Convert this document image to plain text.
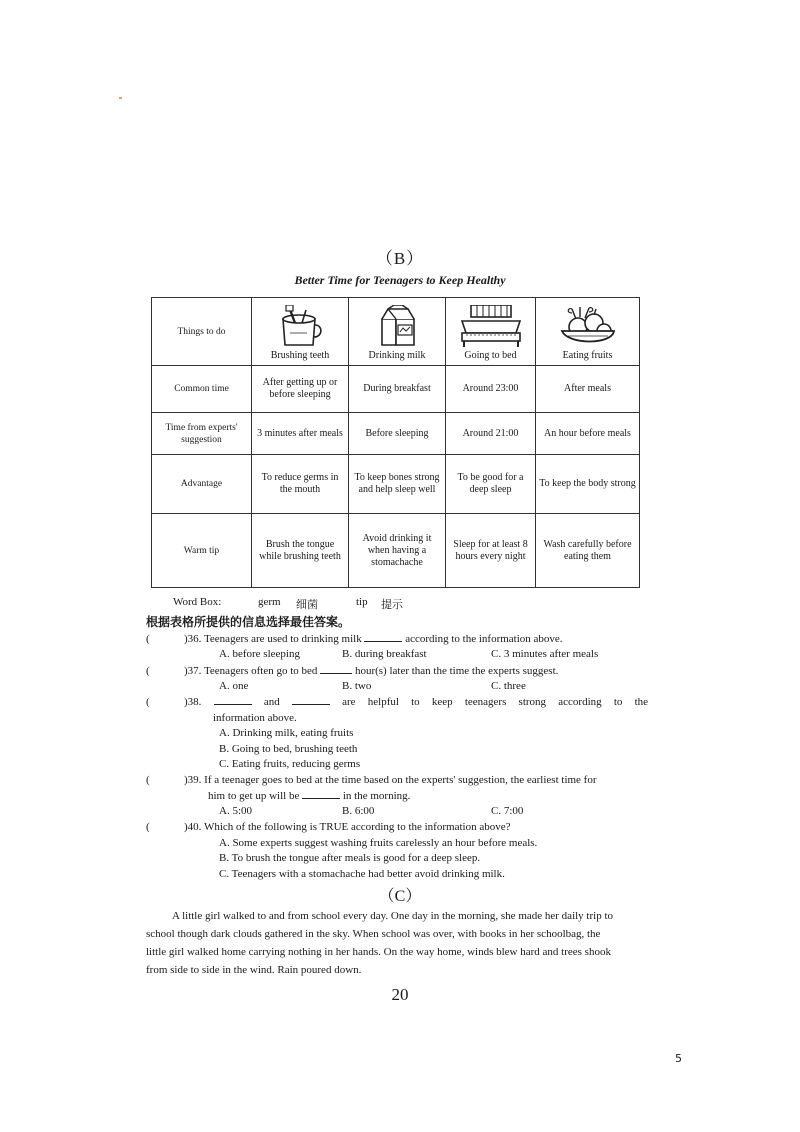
（B）
Better Time for Teenagers to Keep Healthy
Things to do	Brushing teeth	Drinking milk	Going to bed	Eating fruits

Common time	After getting up or before sleeping	During breakfast	Around 23:00	After meals
Time from experts' suggestion	3 minutes after meals	Before sleeping	Around 21:00	An hour before meals
Advantage	To reduce germs in the mouth	To keep bones strong and help sleep well	To be good for a deep sleep	To keep the body strong
Warm tip	Brush the tongue while brushing teeth	Avoid drinking it when having a stomachache	Sleep for at least 8 hours every night	Wash carefully before eating them
Word Box:	germ 细菌	tip 提示
根据表格所提供的信息选择最佳答案。
(	)36. Teenagers are used to drinking milk	according to the information above.
A. before sleeping	B. during breakfast	C. 3 minutes after meals
(	)37. Teenagers often go to bed	hour(s) later than the time the experts suggest.
A. one	B. two	C. three
(	)38.	and	are helpful to keep teenagers strong according to the
information above.
A. Drinking milk, eating fruits
B. Going to bed, brushing teeth
C. Eating fruits, reducing germs
(	)39. If a teenager goes to bed at the time based on the experts' suggestion, the earliest time for
him to get up will be	in the morning.
A. 5:00	B. 6:00	C. 7:00
(	)40. Which of the following is TRUE according to the information above?
A. Some experts suggest washing fruits carelessly an hour before meals.
B. To brush the tongue after meals is good for a deep sleep.
C. Teenagers with a stomachache had better avoid drinking milk.
（C）
A little girl walked to and from school every day. One day in the morning, she made her daily trip to
school though dark clouds gathered in the sky. When school was over, with books in her schoolbag, the
little girl walked home carrying nothing in her hands. On the way home, winds blew hard and trees shook
from side to side in the wind. Rain poured down.
20
5
